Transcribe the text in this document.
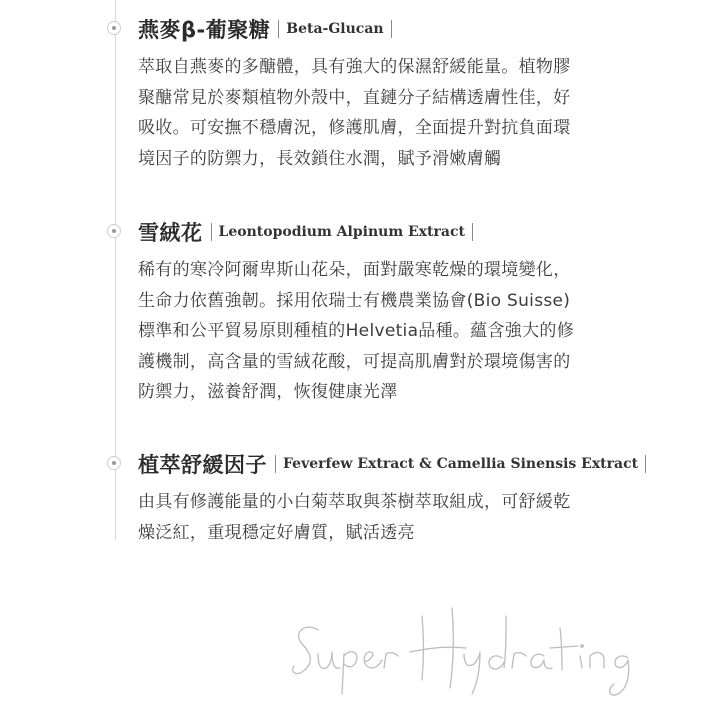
燕麥β-葡聚糖	Beta-Glucan
萃取自燕麥的多醣體，具有強大的保濕舒緩能量。植物膠
聚醣常見於麥類植物外殼中，直鏈分子結構透膚性佳，好
吸收。可安撫不穩膚況，修護肌膚，全面提升對抗負面環
境因子的防禦力，長效鎖住水潤，賦予滑嫩膚觸
雪絨花	Leontopodium Alpinum Extract
稀有的寒冷阿爾卑斯山花朵，面對嚴寒乾燥的環境變化，
生命力依舊強韌。採用依瑞士有機農業協會(Bio Suisse)
標準和公平貿易原則種植的Helvetia品種。蘊含強大的修
護機制，高含量的雪絨花酸，可提高肌膚對於環境傷害的
防禦力，滋養舒潤，恢復健康光澤
植萃舒緩因子	Feverfew Extract & Camellia Sinensis Extract
由具有修護能量的小白菊萃取與茶樹萃取組成，可舒緩乾
燥泛紅，重現穩定好膚質，賦活透亮
